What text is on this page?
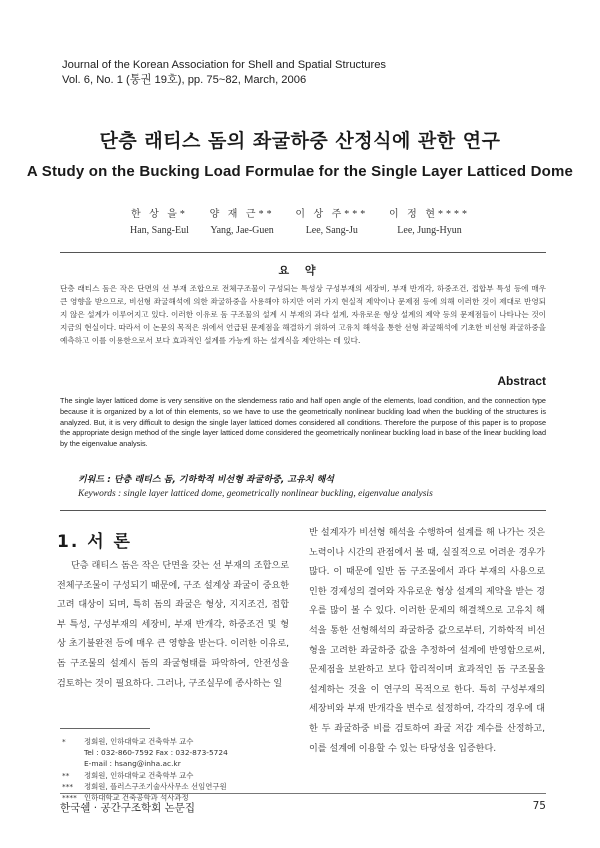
Journal of the Korean Association for Shell and Spatial Structures
Vol. 6, No. 1 (통권 19호), pp. 75~82, March, 2006
단층 래티스 돔의 좌굴하중 산정식에 관한 연구
A Study on the Bucking Load Formulae for the Single Layer Latticed Dome
한 상 을*
Han, Sang-Eul
양 재 근**
Yang, Jae-Guen
이 상 주***
Lee, Sang-Ju
이 정 현****
Lee, Jung-Hyun
요 약
단층 래티스 돔은 작은 단면의 선 부재 조합으로 전체구조물이 구성되는 특성상 구성부재의 세장비, 부재 반개각, 하중조건, 접합부 특성 등에 매우 큰 영향을 받으므로, 비선형 좌굴해석에 의한 좌굴하중을 사용해야 하지만 여러 가지 현실적 제약이나 문제점 등에 의해 이러한 것이 제대로 반영되지 않은 설계가 이루어지고 있다. 이러한 이유로 돔 구조물의 설계 시 부재의 과다 설계, 자유로운 형상 설계의 제약 등의 문제점들이 나타나는 것이 지금의 현실이다. 따라서 이 논문의 목적은 위에서 언급된 문제점을 해결하기 위하여 고유치 해석을 통한 선형 좌굴해석에 기초한 비선형 좌굴하중을 예측하고 이를 이용한으로서 보다 효과적인 설계를 가능케 하는 설계식을 제안하는 데 있다.
Abstract
The single layer latticed dome is very sensitive on the slenderness ratio and half open angle of the elements, load condition, and the connection type because it is organized by a lot of thin elements, so we have to use the geometrically nonlinear buckling load when the buckling of the structures is analyzed. But, it is very difficult to design the single layer latticed domes considered all conditions. Therefore the purpose of this paper is to propose the appropriate design method of the single layer latticed dome considered the geometrically nonlinear buckling load in base of the linear buckling load by the eigenvalue analysis.
키워드 : 단층 래티스 돔, 기하학적 비선형 좌굴하중, 고유치 해석
Keywords : single layer latticed dome, geometrically nonlinear buckling, eigenvalue analysis
1. 서 론

단층 래티스 돔은 작은 단면을 갖는 선 부재의 조합으로 전체구조물이 구성되기 때문에, 구조 설계상 좌굴이 중요한 고려 대상이 되며, 특히 돔의 좌굴은 형상, 지지조건, 접합부 특성, 구성부재의 세장비, 부재 반개각, 하중조건 및 형상 초기불완전 등에 매우 큰 영향을 받는다. 이러한 이유로, 돔 구조물의 설계시 돔의 좌굴형태를 파악하여, 안전성을 검토하는 것이 필요하다. 그러나, 구조실무에 종사하는 일

*	정회원, 인하대학교 건축학부 교수
Tel : 032-860-7592 Fax : 032-873-5724
E-mail : hsang@inha.ac.kr
**	정회원, 인하대학교 건축학부 교수
***	정회원, 플러스구조기술사사무소 선임연구원
**** 인하대학교 건축공학과 석사과정

반 설계자가 비선형 해석을 수행하여 설계를 해 나가는 것은 노력이나 시간의 관점에서 볼 때, 실질적으로 어려운 경우가 많다. 이 때문에 일반 돔 구조물에서 과다 부재의 사용으로 인한 경제성의 결여와 자유로운 형상 설계의 제약을 받는 경우를 많이 볼 수 있다. 이러한 문제의 해결책으로 고유치 해석을 통한 선형해석의 좌굴하중 값으로부터, 기하학적 비선형을 고려한 좌굴하중 값을 추정하여 설계에 반영함으로써, 문제점을 보완하고 보다 합리적이며 효과적인 돔 구조물을 설계하는 것을 이 연구의 목적으로 한다. 특히 구성부재의 세장비와 부재 반개각을 변수로 설정하여, 각각의 경우에 대한 두 좌굴하중 비를 검토하여 좌굴 저감 계수를 산정하고, 이를 설계에 이용할 수 있는 타당성을 입증한다.

한국쉘 · 공간구조학회 논문집	75
